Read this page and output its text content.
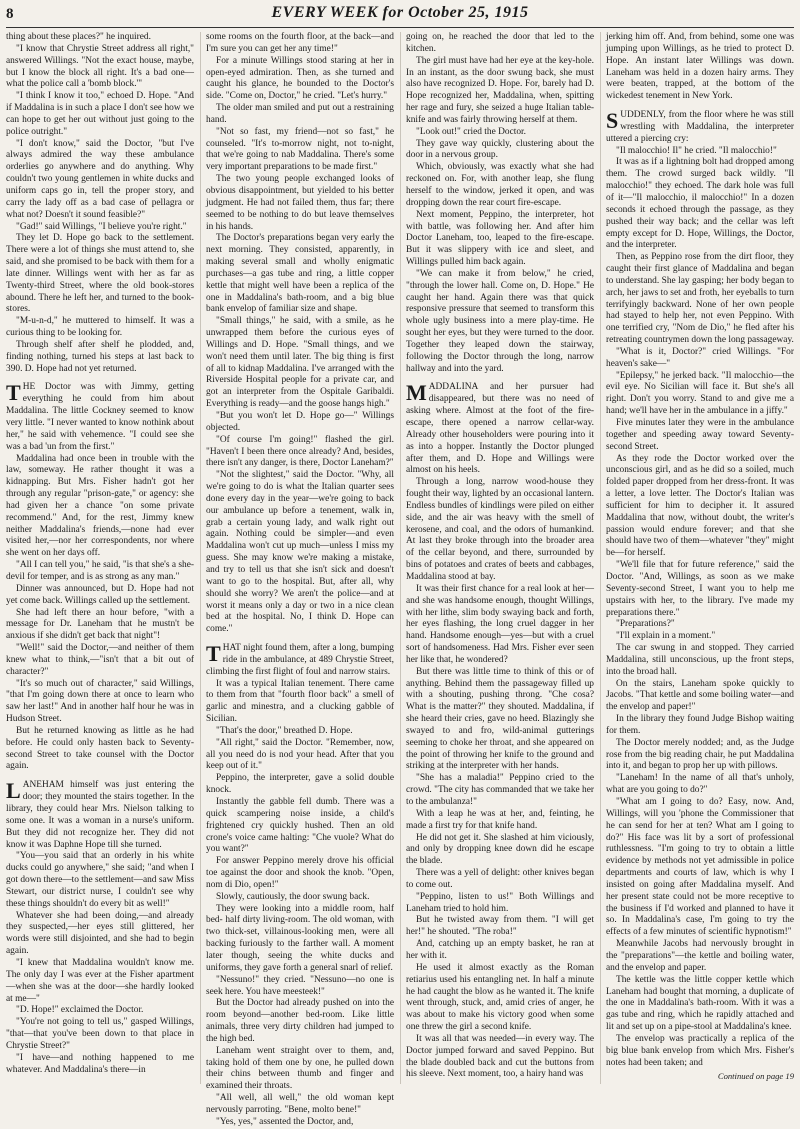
8	EVERY WEEK for October 25, 1915

thing about these places?" he inquired.

"I know that Chrystie Street address all right," answered Willings. "Not the exact house, maybe, but I know the block all right. It's a bad one—what the police call a 'bomb block.'"

"I think I know it too," echoed D. Hope. "And if Maddalina is in such a place I don't see how we can hope to get her out without just going to the police outright."

"I don't know," said the Doctor, "but I've always admired the way these ambulance orderlies go anywhere and do anything. Why couldn't two young gentlemen in white ducks and uniform caps go in, tell the proper story, and carry the lady off as a bad case of pellagra or what not? Doesn't it sound feasible?"

"Gad!" said Willings, "I believe you're right."

They let D. Hope go back to the settlement. There were a lot of things she must attend to, she said, and she promised to be back with them for a late dinner. Willings went with her as far as Twenty-third Street, where the old book-stores abound. There he left her, and turned to the book-stores.

"M-u-n-d," he muttered to himself. It was a curious thing to be looking for.

Through shelf after shelf he plodded, and, finding nothing, turned his steps at last back to 390. D. Hope had not yet returned.

THE Doctor was with Jimmy, getting everything he could from him about Maddalina. The little Cockney seemed to know very little. "I never wanted to know nothink about her," he said with vehemence. "I could see she was a bad 'un from the first."

Maddalina had once been in trouble with the law, someway. He rather thought it was a kidnapping. But Mrs. Fisher hadn't got her through any regular "prison-gate," or agency: she had given her a chance "on some private recommend." And, for the rest, Jimmy knew neither Maddalina's friends,—none had ever visited her,—nor her correspondents, nor where she went on her days off.

"All I can tell you," he said, "is that she's a she-devil for temper, and is as strong as any man."

Dinner was announced, but D. Hope had not yet come back. Willings called up the settlement.

She had left there an hour before, "with a message for Dr. Laneham that he mustn't be anxious if she didn't get back that night"!

"Well!" said the Doctor,—and neither of them knew what to think,—"isn't that a bit out of character?"

"It's so much out of character," said Willings, "that I'm going down there at once to learn who saw her last!" And in another half hour he was in Hudson Street.

But he returned knowing as little as he had before. He could only hasten back to Seventy-second Street to take counsel with the Doctor again.

LANEHAM himself was just entering the door; they mounted the stairs together. In the library, they could hear Mrs. Nielson talking to some one. It was a woman in a nurse's uniform. But they did not recognize her. They did not know it was Daphne Hope till she turned.

"You—you said that an orderly in his white ducks could go anywhere," she said; "and when I got down there—to the settlement—and saw Miss Stewart, our district nurse, I couldn't see why these things shouldn't do every bit as well!"

Whatever she had been doing,—and already they suspected,—her eyes still glittered, her words were still disjointed, and she had to begin again.

"I knew that Maddalina wouldn't know me. The only day I was ever at the Fisher apartment—when she was at the door—she hardly looked at me—"

"D. Hope!" exclaimed the Doctor.

"You're not going to tell us," gasped Willings, "that—that you've been down to that place in Chrystie Street?"

"I have—and nothing happened to me whatever. And Maddalina's there—in

some rooms on the fourth floor, at the back—and I'm sure you can get her any time!"

For a minute Willings stood staring at her in open-eyed admiration. Then, as she turned and caught his glance, he bounded to the Doctor's side. "Come on, Doctor," he cried. "Let's hurry."

The older man smiled and put out a restraining hand.

"Not so fast, my friend—not so fast," he counseled. "It's to-morrow night, not to-night, that we're going to nab Maddalina. There's some very important preparations to be made first."

The two young people exchanged looks of obvious disappointment, but yielded to his better judgment. He had not failed them, thus far; there seemed to be nothing to do but leave themselves in his hands.

The Doctor's preparations began very early the next morning. They consisted, apparently, in making several small and wholly enigmatic purchases—a gas tube and ring, a little copper kettle that might well have been a replica of the one in Maddalina's bath-room, and a big blue bank envelop of familiar size and shape.

"Small things," he said, with a smile, as he unwrapped them before the curious eyes of Willings and D. Hope. "Small things, and we won't need them until later. The big thing is first of all to kidnap Maddalina. I've arranged with the Riverside Hospital people for a private car, and got an interpreter from the Ospitale Garibaldi. Everything is ready—and the goose hangs high."

"But you won't let D. Hope go—" Willings objected.

"Of course I'm going!" flashed the girl. "Haven't I been there once already? And, besides, there isn't any danger, is there, Doctor Laneham?"

"Not the slightest," said the Doctor. "Why, all we're going to do is what the Italian quarter sees done every day in the year—we're going to back our ambulance up before a tenement, walk in, grab a certain young lady, and walk right out again. Nothing could be simpler—and even Maddalina won't cut up much—unless I miss my guess. She may know we're making a mistake, and try to tell us that she isn't sick and doesn't want to go to the hospital. But, after all, why should she worry? We aren't the police—and at worst it means only a day or two in a nice clean bed at the hospital. No, I think D. Hope can come."

THAT night found them, after a long, bumping ride in the ambulance, at 489 Chrystie Street, climbing the first flight of foul and narrow stairs.

It was a typical Italian tenement. There came to them from that "fourth floor back" a smell of garlic and minestra, and a clucking gabble of Sicilian.

"That's the door," breathed D. Hope.

"All right," said the Doctor. "Remember, now, all you need do is nod your head. After that you keep out of it."

Peppino, the interpreter, gave a solid double knock.

Instantly the gabble fell dumb. There was a quick scampering noise inside, a child's frightened cry quickly hushed. Then an old crone's voice came halting: "Che vuole? What do you want?"

For answer Peppino merely drove his official toe against the door and shook the knob. "Open, nom di Dio, open!"

Slowly, cautiously, the door swung back.

They were looking into a middle room, half bed- half dirty living-room. The old woman, with two thick-set, villainous-looking men, were all backing furiously to the farther wall. A moment later though, seeing the white ducks and uniforms, they gave forth a general snarl of relief.

"Nessuno!" they cried. "Nessuno—no one is seek here. You have meesteek!"

But the Doctor had already pushed on into the room beyond—another bed-room. Like little animals, three very dirty children had jumped to the high bed.

Laneham went straight over to them, and, taking hold of them one by one, he pulled down their chins between thumb and finger and examined their throats.

"All well, all well," the old woman kept nervously parroting. "Bene, molto bene!"

"Yes, yes," assented the Doctor, and,

going on, he reached the door that led to the kitchen.

The girl must have had her eye at the key-hole. In an instant, as the door swung back, she must also have recognized D. Hope. For, barely had D. Hope recognized her, Maddalina, when, spitting her rage and fury, she seized a huge Italian table-knife and was fairly throwing herself at them.

"Look out!" cried the Doctor.

They gave way quickly, clustering about the door in a nervous group.

Which, obviously, was exactly what she had reckoned on. For, with another leap, she flung herself to the window, jerked it open, and was dropping down the rear court fire-escape.

Next moment, Peppino, the interpreter, hot with battle, was following her. And after him Doctor Laneham, too, leaped to the fire-escape. But it was slippery with ice and sleet, and Willings pulled him back again.

"We can make it from below," he cried, "through the lower hall. Come on, D. Hope." He caught her hand. Again there was that quick responsive pressure that seemed to transform this whole ugly business into a mere play-time. He sought her eyes, but they were turned to the door. Together they leaped down the stairway, following the Doctor through the long, narrow hallway and into the yard.

MADDALINA and her pursuer had disappeared, but there was no need of asking where. Almost at the foot of the fire-escape, there opened a narrow cellar-way. Already other householders were pouring into it as into a hopper. Instantly the Doctor plunged after them, and D. Hope and Willings were almost on his heels.

Through a long, narrow wood-house they fought their way, lighted by an occasional lantern. Endless bundles of kindlings were piled on either side, and the air was heavy with the smell of kerosene, and coal, and the odors of humankind. At last they broke through into the broader area of the cellar beyond, and there, surrounded by bins of potatoes and crates of beets and cabbages, Maddalina stood at bay.

It was their first chance for a real look at her—and she was handsome enough, thought Willings, with her lithe, slim body swaying back and forth, her eyes flashing, the long cruel dagger in her hand. Handsome enough—yes—but with a cruel sort of handsomeness. Had Mrs. Fisher ever seen her like that, he wondered?

But there was little time to think of this or of anything. Behind them the passageway filled up with a shouting, pushing throng. "Che cosa? What is the matter?" they shouted. Maddalina, if she heard their cries, gave no heed. Blazingly she swayed to and fro, wild-animal gutterings seeming to choke her throat, and she appeared on the point of throwing her knife to the ground and striking at the interpreter with her hands.

"She has a maladia!" Peppino cried to the crowd. "The city has commanded that we take her to the ambulanza!"

With a leap he was at her, and, feinting, he made a first try for that knife hand.

He did not get it. She slashed at him viciously, and only by dropping knee down did he escape the blade.

There was a yell of delight: other knives began to come out.

"Peppino, listen to us!" Both Willings and Laneham tried to hold him.

But he twisted away from them. "I will get her!" he shouted. "The roba!"

And, catching up an empty basket, he ran at her with it.

He used it almost exactly as the Roman retiarius used his entangling net. In half a minute he had caught the blow as he wanted it. The knife went through, stuck, and, amid cries of anger, he was about to make his victory good when some one threw the girl a second knife.

It was all that was needed—in every way. The Doctor jumped forward and saved Peppino. But the blade doubled back and cut the buttons from his sleeve. Next moment, too, a hairy hand was

jerking him off. And, from behind, some one was jumping upon Willings, as he tried to protect D. Hope. An instant later Willings was down. Laneham was held in a dozen hairy arms. They were beaten, trapped, at the bottom of the wickedest tenement in New York.

SUDDENLY, from the floor where he was still wrestling with Maddalina, the interpreter uttered a piercing cry:

"Il malocchio! Il" he cried. "Il malocchio!"

It was as if a lightning bolt had dropped among them. The crowd surged back wildly. "Il malocchio!" they echoed. The dark hole was full of it—"Il malocchio, il malocchio!" In a dozen seconds it echoed through the passage, as they pushed their way back; and the cellar was left empty except for D. Hope, Willings, the Doctor, and the interpreter.

Then, as Peppino rose from the dirt floor, they caught their first glance of Maddalina and began to understand. She lay gasping; her body began to arch, her jaws to set and froth, her eyeballs to turn terrifyingly backward. None of her own people had stayed to help her, not even Peppino. With one terrified cry, "Nom de Dio," he fled after his retreating countrymen down the long passageway.

"What is it, Doctor?" cried Willings. "For heaven's sake—"

"Epilepsy," he jerked back. "Il malocchio—the evil eye. No Sicilian will face it. But she's all right. Don't you worry. Stand to and give me a hand; we'll have her in the ambulance in a jiffy."

Five minutes later they were in the ambulance together and speeding away toward Seventy-second Street.

As they rode the Doctor worked over the unconscious girl, and as he did so a soiled, much folded paper dropped from her dress-front. It was a letter, a love letter. The Doctor's Italian was sufficient for him to decipher it. It assured Maddalina that now, without doubt, the writer's passion would endure forever; and that she should have two of them—whatever "they" might be—for herself.

"We'll file that for future reference," said the Doctor. "And, Willings, as soon as we make Seventy-second Street, I want you to help me upstairs with her, to the library. I've made my preparations there."

"Preparations?"

"I'll explain in a moment."

The car swung in and stopped. They carried Maddalina, still unconscious, up the front steps, into the broad hall.

On the stairs, Laneham spoke quickly to Jacobs. "That kettle and some boiling water—and the envelop and paper!"

In the library they found Judge Bishop waiting for them.

The Doctor merely nodded; and, as the Judge rose from the big reading chair, he put Maddalina into it, and began to prop her up with pillows.

"Laneham! In the name of all that's unholy, what are you going to do?"

"What am I going to do? Easy, now. And, Willings, will you 'phone the Commissioner that he can send for her at ten? What am I going to do?" His face was lit by a sort of professional ruthlessness. "I'm going to try to obtain a little evidence by methods not yet admissible in police departments and courts of law, which is why I insisted on going after Maddalina myself. And her present state could not be more receptive to the business if I'd worked and planned to have it so. In Maddalina's case, I'm going to try the effects of a few minutes of scientific hypnotism!"

Meanwhile Jacobs had nervously brought in the "preparations"—the kettle and boiling water, and the envelop and paper.

The kettle was the little copper kettle which Laneham had bought that morning, a duplicate of the one in Maddalina's bath-room. With it was a gas tube and ring, which he rapidly attached and lit and set up on a pipe-stool at Maddalina's knee.

The envelop was practically a replica of the big blue bank envelop from which Mrs. Fisher's notes had been taken; and

Continued on page 19
